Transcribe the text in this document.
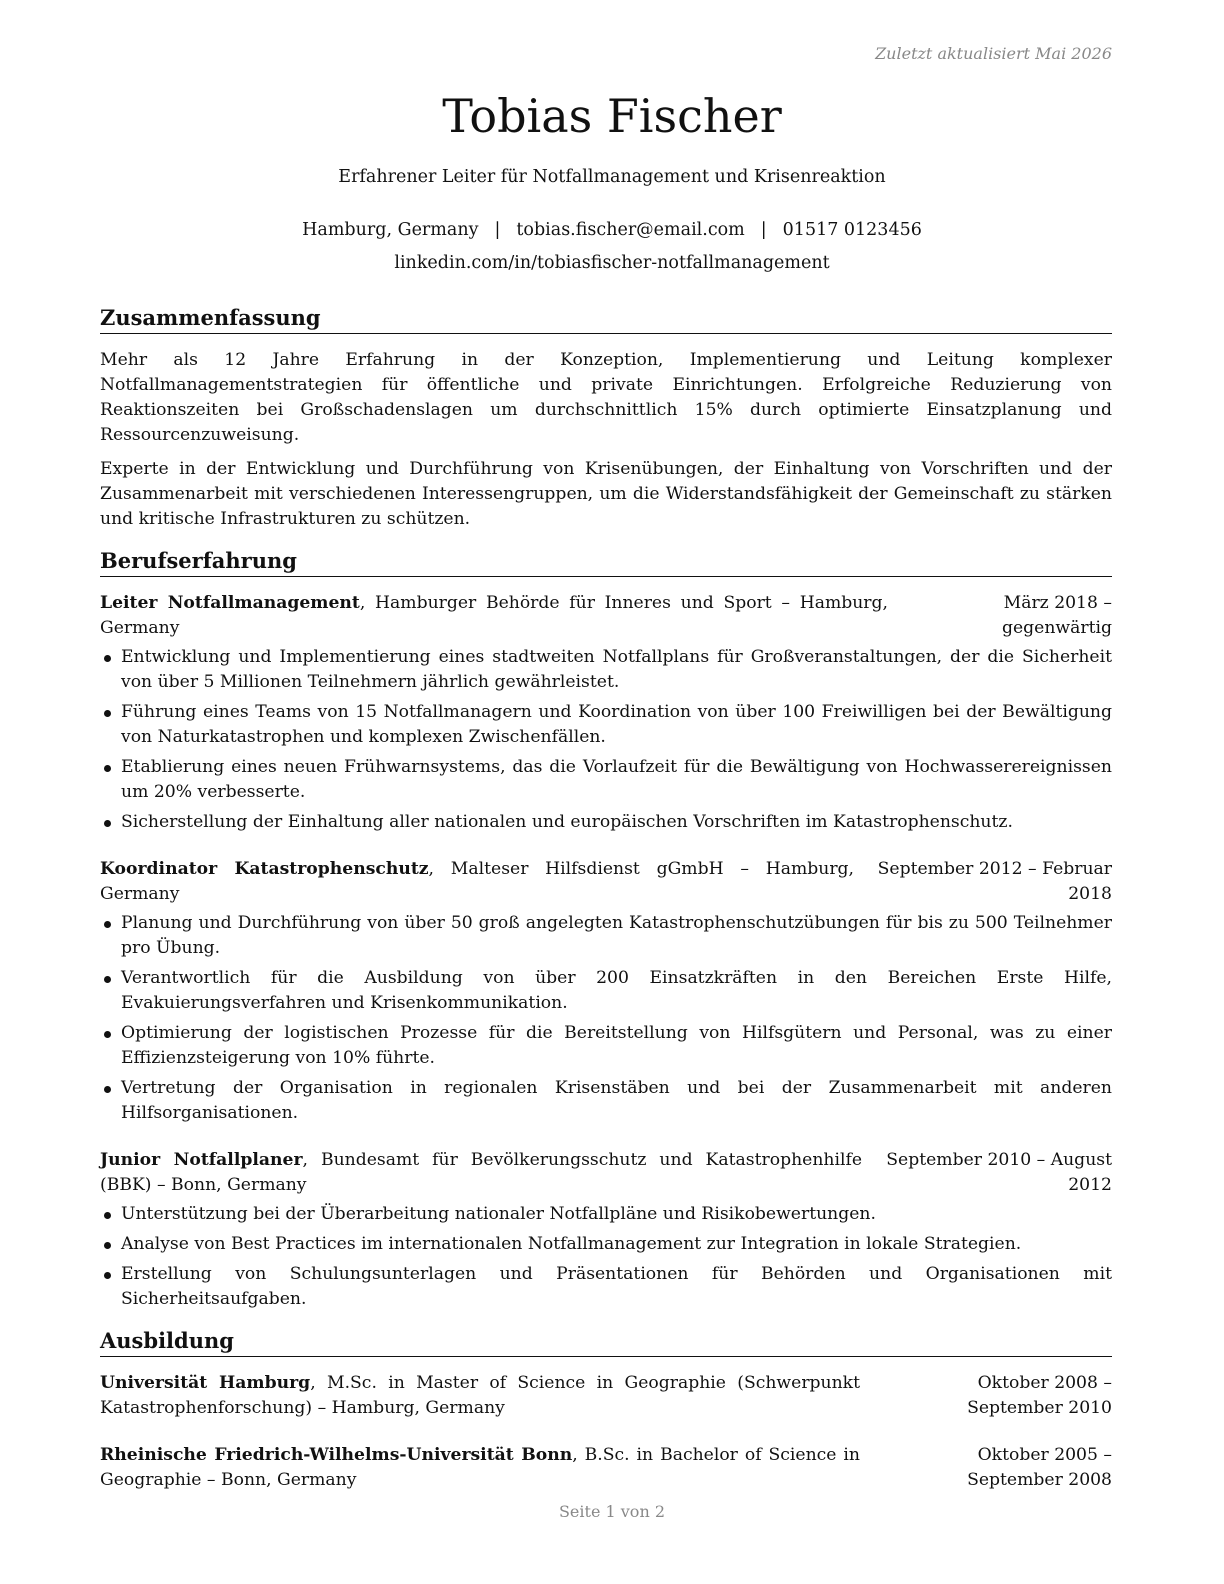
Zuletzt aktualisiert Mai 2026
Tobias Fischer
Erfahrener Leiter für Notfallmanagement und Krisenreaktion
Hamburg, Germany | tobias.fischer@email.com | 01517 0123456
linkedin.com/in/tobiasfischer-notfallmanagement
Zusammenfassung

Mehr als 12 Jahre Erfahrung in der Konzeption, Implementierung und Leitung komplexer Notfallmanagementstrategien für öffentliche und private Einrichtungen. Erfolgreiche Reduzierung von Reaktionszeiten bei Großschadenslagen um durchschnittlich 15% durch optimierte Einsatzplanung und Ressourcenzuweisung.

Experte in der Entwicklung und Durchführung von Krisenübungen, der Einhaltung von Vorschriften und der Zusammenarbeit mit verschiedenen Interessengruppen, um die Widerstandsfähigkeit der Gemeinschaft zu stärken und kritische Infrastrukturen zu schützen.

Berufserfahrung
Leiter Notfallmanagement, Hamburger Behörde für Inneres und Sport – Hamburg, Germany
März 2018 – gegenwärtig
Entwicklung und Implementierung eines stadtweiten Notfallplans für Großveranstaltungen, der die Sicherheit von über 5 Millionen Teilnehmern jährlich gewährleistet.
Führung eines Teams von 15 Notfallmanagern und Koordination von über 100 Freiwilligen bei der Bewältigung von Naturkatastrophen und komplexen Zwischenfällen.
Etablierung eines neuen Frühwarnsystems, das die Vorlaufzeit für die Bewältigung von Hochwasserereignissen um 20% verbesserte.
Sicherstellung der Einhaltung aller nationalen und europäischen Vorschriften im Katastrophenschutz.
Koordinator Katastrophenschutz, Malteser Hilfsdienst gGmbH – Hamburg, Germany
September 2012 – Februar 2018
Planung und Durchführung von über 50 groß angelegten Katastrophenschutzübungen für bis zu 500 Teilnehmer pro Übung.
Verantwortlich für die Ausbildung von über 200 Einsatzkräften in den Bereichen Erste Hilfe, Evakuierungsverfahren und Krisenkommunikation.
Optimierung der logistischen Prozesse für die Bereitstellung von Hilfsgütern und Personal, was zu einer Effizienzsteigerung von 10% führte.
Vertretung der Organisation in regionalen Krisenstäben und bei der Zusammenarbeit mit anderen Hilfsorganisationen.
Junior Notfallplaner, Bundesamt für Bevölkerungsschutz und Katastrophenhilfe (BBK) – Bonn, Germany
September 2010 – August 2012
Unterstützung bei der Überarbeitung nationaler Notfallpläne und Risikobewertungen.
Analyse von Best Practices im internationalen Notfallmanagement zur Integration in lokale Strategien.
Erstellung von Schulungsunterlagen und Präsentationen für Behörden und Organisationen mit Sicherheitsaufgaben.
Ausbildung
Universität Hamburg, M.Sc. in Master of Science in Geographie (Schwerpunkt Katastrophenforschung) – Hamburg, Germany
Oktober 2008 – September 2010
Rheinische Friedrich-Wilhelms-Universität Bonn, B.Sc. in Bachelor of Science in Geographie – Bonn, Germany
Oktober 2005 – September 2008
Seite 1 von 2
